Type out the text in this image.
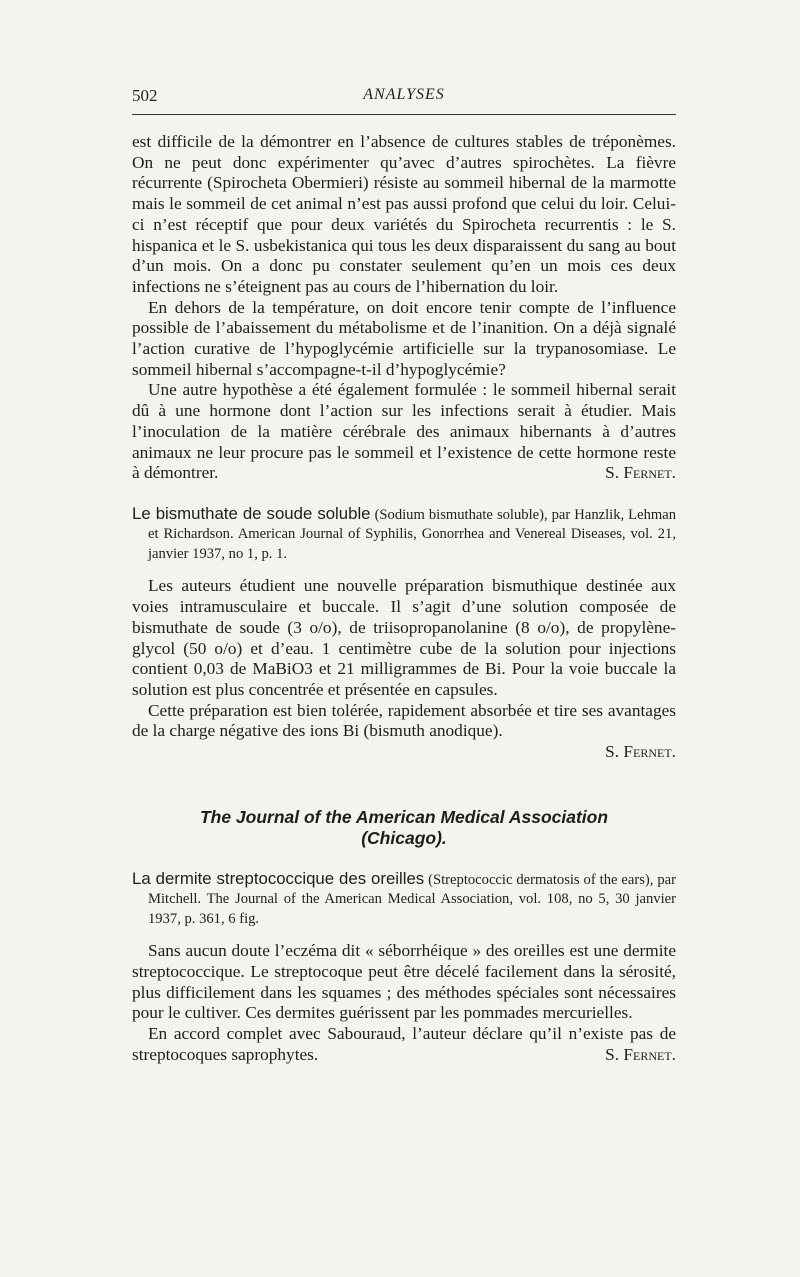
502	ANALYSES

est difficile de la démontrer en l’absence de cultures stables de tréponèmes. On ne peut donc expérimenter qu’avec d’autres spirochètes. La fièvre récurrente (Spirocheta Obermieri) résiste au sommeil hibernal de la marmotte mais le sommeil de cet animal n’est pas aussi profond que celui du loir. Celui-ci n’est réceptif que pour deux variétés du Spirocheta recurrentis : le S. hispanica et le S. usbekistanica qui tous les deux disparaissent du sang au bout d’un mois. On a donc pu constater seulement qu’en un mois ces deux infections ne s’éteignent pas au cours de l’hibernation du loir.

En dehors de la température, on doit encore tenir compte de l’influence possible de l’abaissement du métabolisme et de l’inanition. On a déjà signalé l’action curative de l’hypoglycémie artificielle sur la trypanosomiase. Le sommeil hibernal s’accompagne-t-il d’hypoglycémie?

Une autre hypothèse a été également formulée : le sommeil hibernal serait dû à une hormone dont l’action sur les infections serait à étudier. Mais l’inoculation de la matière cérébrale des animaux hibernants à d’autres animaux ne leur procure pas le sommeil et l’existence de cette hormone reste à démontrer.	S. Fernet.

Le bismuthate de soude soluble (Sodium bismuthate soluble), par Hanzlik, Lehman et Richardson. American Journal of Syphilis, Gonorrhea and Venereal Diseases, vol. 21, janvier 1937, no 1, p. 1.

Les auteurs étudient une nouvelle préparation bismuthique destinée aux voies intramusculaire et buccale. Il s’agit d’une solution composée de bismuthate de soude (3 o/o), de triisopropanolanine (8 o/o), de propylène-glycol (50 o/o) et d’eau. 1 centimètre cube de la solution pour injections contient 0,03 de MaBiO3 et 21 milligrammes de Bi. Pour la voie buccale la solution est plus concentrée et présentée en capsules.

Cette préparation est bien tolérée, rapidement absorbée et tire ses avantages de la charge négative des ions Bi (bismuth anodique).

S. Fernet.

The Journal of the American Medical Association
(Chicago).

La dermite streptococcique des oreilles (Streptococcic dermatosis of the ears), par Mitchell. The Journal of the American Medical Association, vol. 108, no 5, 30 janvier 1937, p. 361, 6 fig.

Sans aucun doute l’eczéma dit « séborrhéique » des oreilles est une dermite streptococcique. Le streptocoque peut être décelé facilement dans la sérosité, plus difficilement dans les squames ; des méthodes spéciales sont nécessaires pour le cultiver. Ces dermites guérissent par les pommades mercurielles.

En accord complet avec Sabouraud, l’auteur déclare qu’il n’existe pas de streptocoques saprophytes.	S. Fernet.
